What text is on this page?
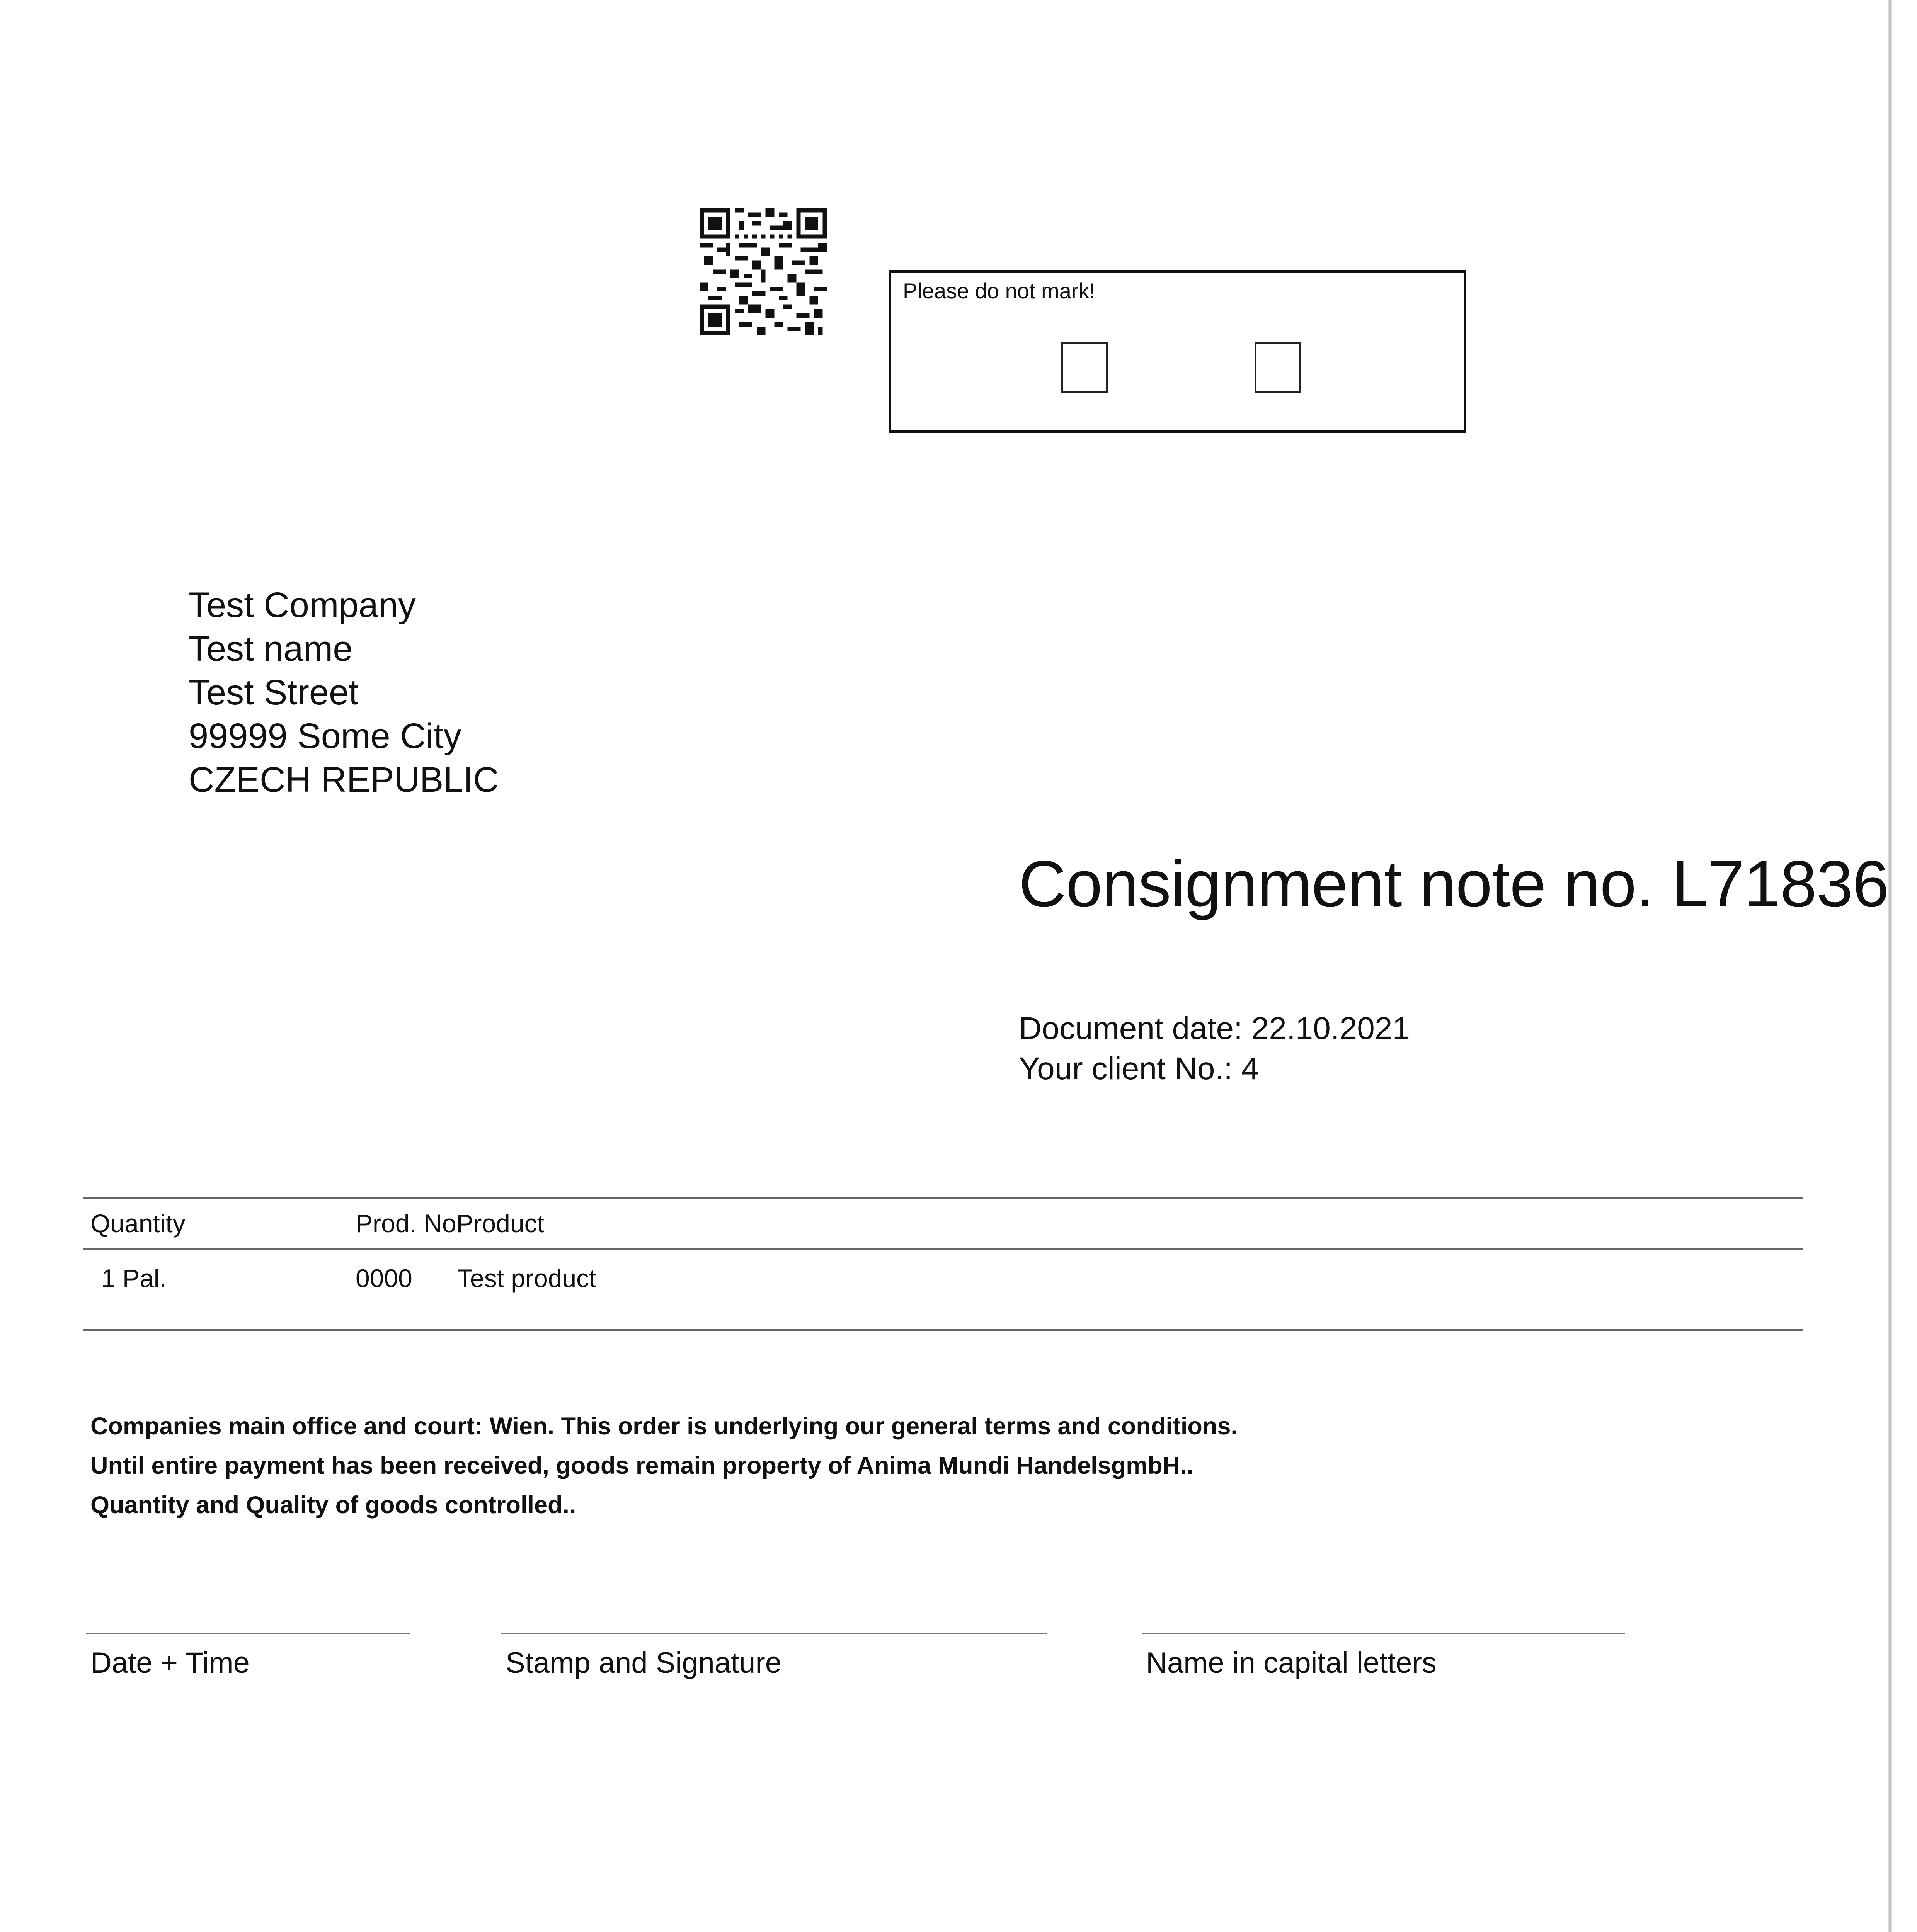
Please do not mark!
Test Company
Test name
Test Street
99999 Some City
CZECH REPUBLIC
Consignment note no. L71836
Document date: 22.10.2021
Your client No.: 4
Quantity	Prod. NoProduct
1 Pal.	0000 Test product
Companies main office and court: Wien. This order is underlying our general terms and conditions.
Until entire payment has been received, goods remain property of Anima Mundi HandelsgmbH..
Quantity and Quality of goods controlled..
Date + Time	Stamp and Signature	Name in capital letters
